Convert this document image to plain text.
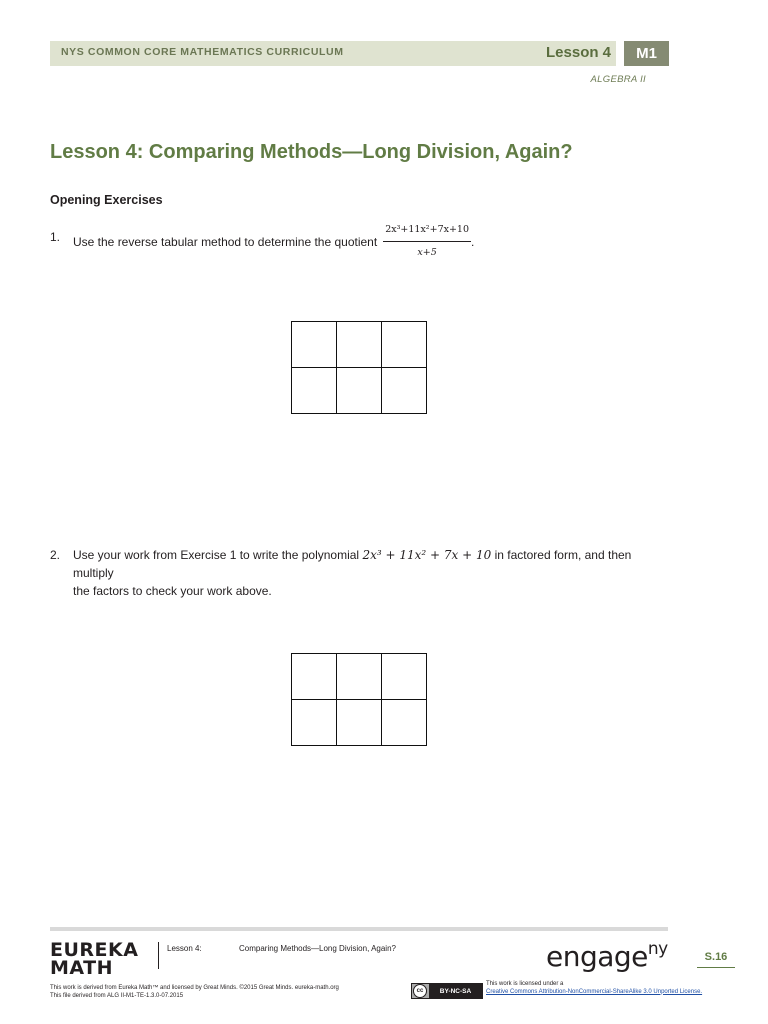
NYS COMMON CORE MATHEMATICS CURRICULUM	Lesson 4	M1
ALGEBRA II
Lesson 4: Comparing Methods—Long Division, Again?
Opening Exercises
1. Use the reverse tabular method to determine the quotient $\frac{\text{2x³+11x²+7x+10}}{x+5}$ .
2. Use your work from Exercise 1 to write the polynomial 2x³ + 11x² + 7x + 10 in factored form, and then multiply
the factors to check your work above.
EUREKA
MATH
Lesson 4:	Comparing Methods—Long Division, Again?	engage$^{ny}$	S.16
This work is derived from Eureka Math™ and licensed by Great Minds. ©2015 Great Minds. eureka-math.org
This file derived from ALG II-M1-TE-1.3.0-07.2015
cc	BY-NC-SA
This work is licensed under a
Creative Commons Attribution-NonCommercial-ShareAlike 3.0 Unported License.
